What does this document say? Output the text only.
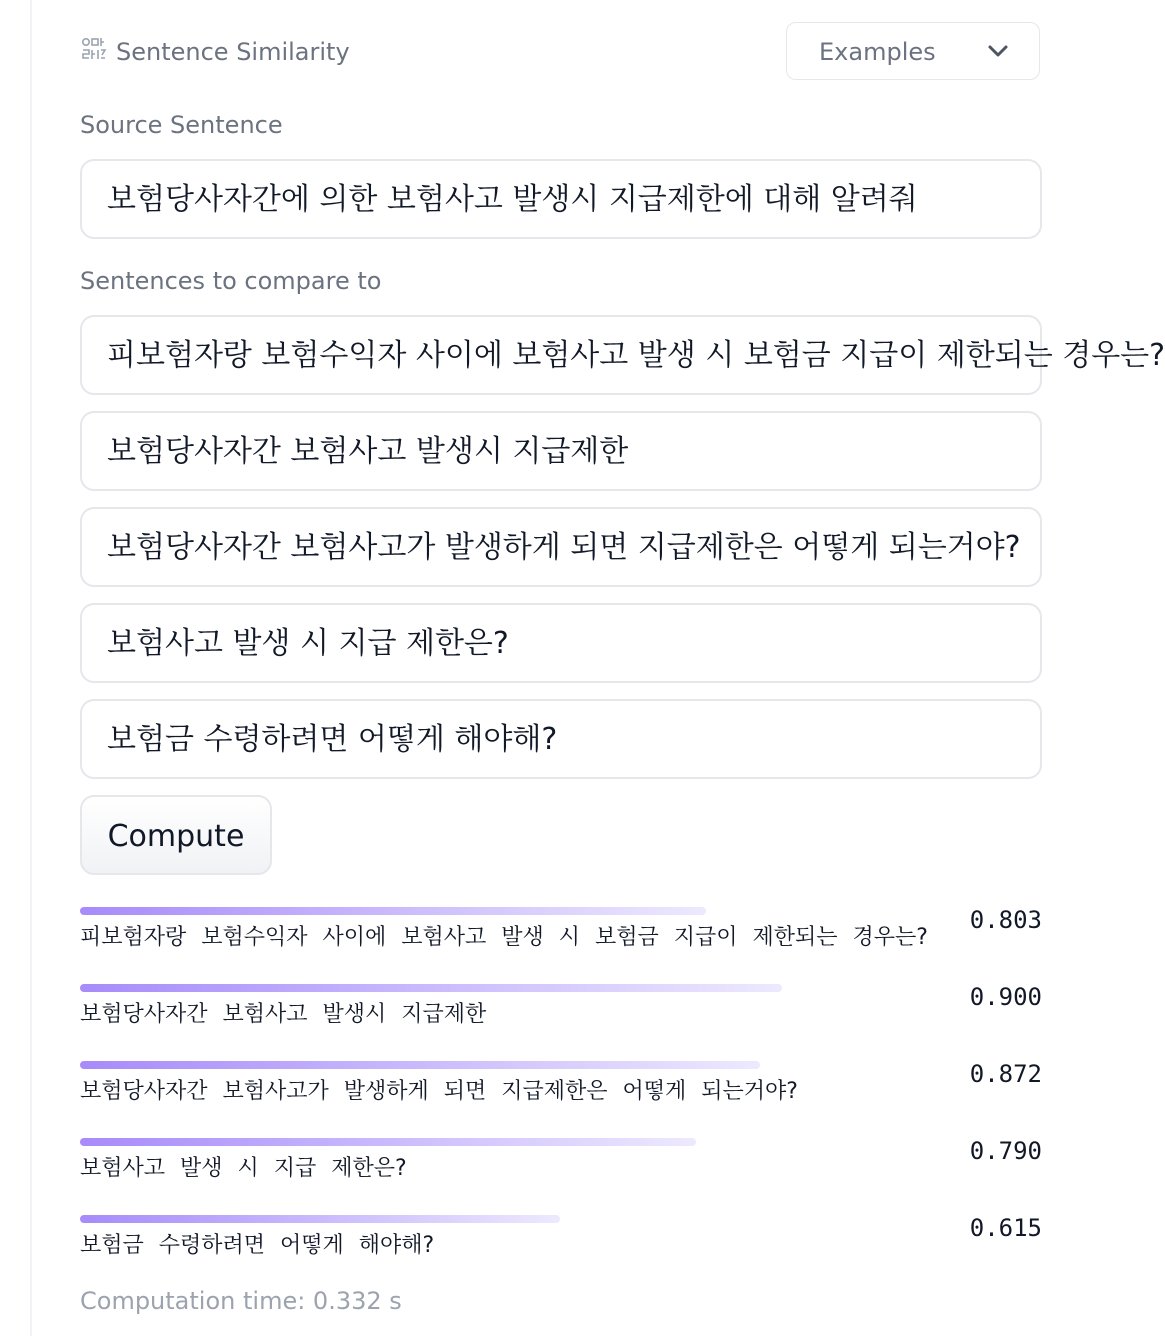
Sentence Similarity	Examples
Source Sentence
보험당사자간에 의한 보험사고 발생시 지급제한에 대해 알려줘
Sentences to compare to
피보험자랑 보험수익자 사이에 보험사고 발생 시 보험금 지급이 제한되는 경우는?
보험당사자간 보험사고 발생시 지급제한
보험당사자간 보험사고가 발생하게 되면 지급제한은 어떻게 되는거야?
보험사고 발생 시 지급 제한은?
보험금 수령하려면 어떻게 해야해?
Compute
피보험자랑 보험수익자 사이에 보험사고 발생 시 보험금 지급이 제한되는 경우는?
0.803
보험당사자간 보험사고 발생시 지급제한
0.900
보험당사자간 보험사고가 발생하게 되면 지급제한은 어떻게 되는거야?
0.872
보험사고 발생 시 지급 제한은?
0.790
보험금 수령하려면 어떻게 해야해?
0.615
Computation time: 0.332 s
